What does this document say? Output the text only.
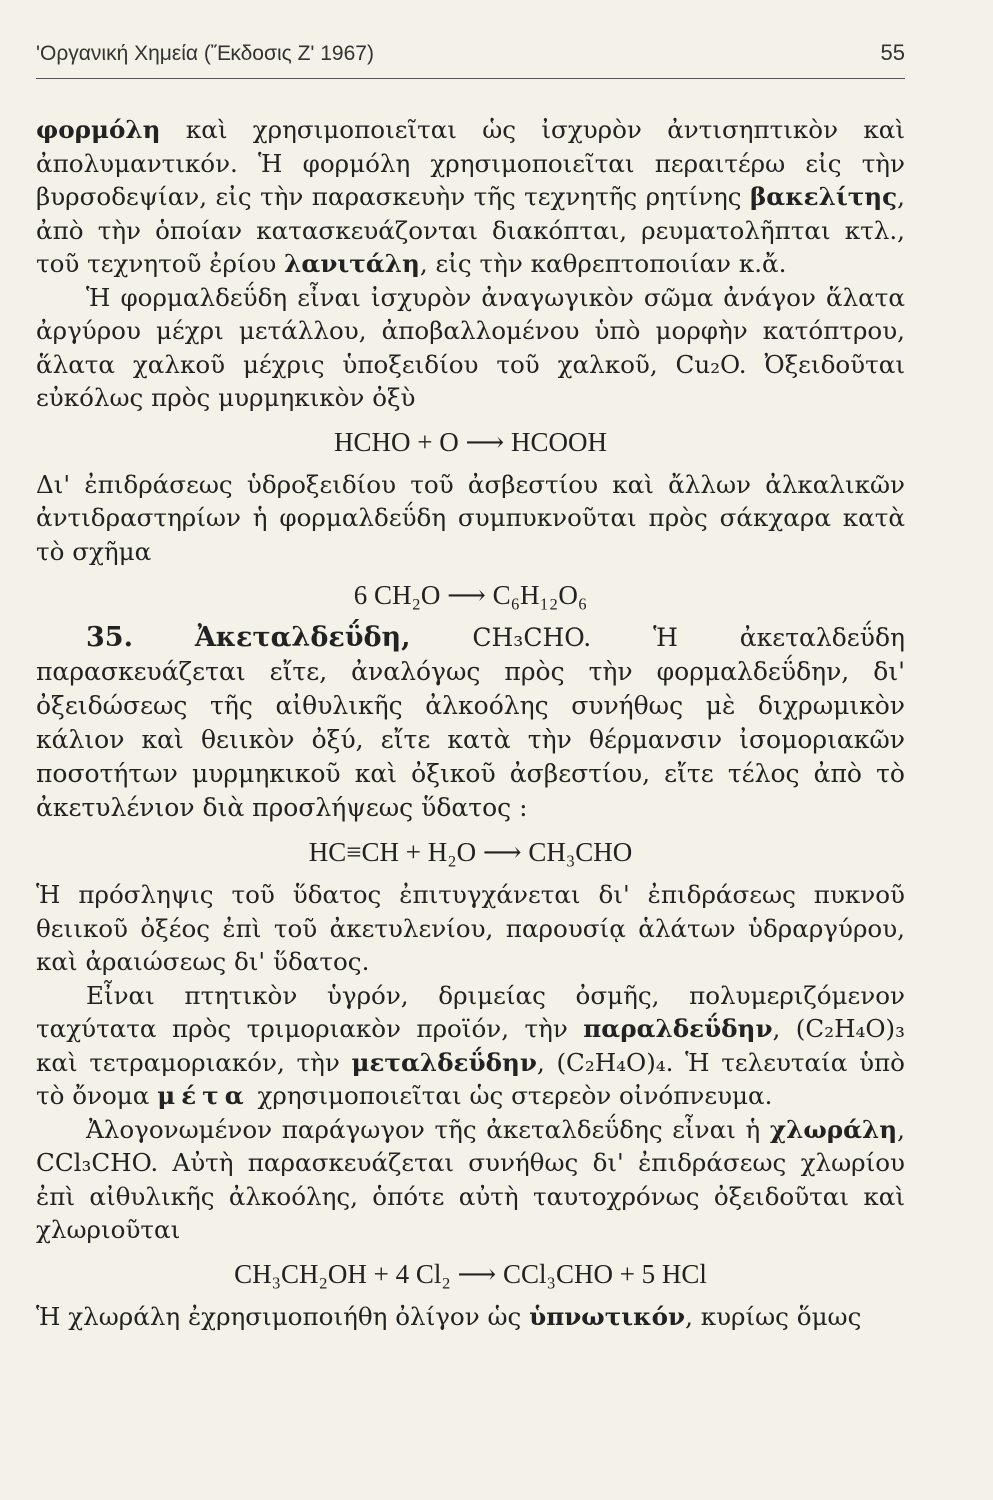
'Οργανική Χημεία (Ἔκδοσις Ζ' 1967)	55

φορμόλη καὶ χρησιμοποιεῖται ὡς ἰσχυρὸν ἀντισηπτικὸν καὶ ἀπολυμαντικόν. Ἡ φορμόλη χρησιμοποιεῖται περαιτέρω εἰς τὴν βυρσοδεψίαν, εἰς τὴν παρασκευὴν τῆς τεχνητῆς ρητίνης βακελίτης, ἀπὸ τὴν ὁποίαν κατασκευάζονται διακόπται, ρευματολῆπται κτλ., τοῦ τεχνητοῦ ἐρίου λανιτάλη, εἰς τὴν καθρεπτοποιίαν κ.ἄ.

Ἡ φορμαλδεΰδη εἶναι ἰσχυρὸν ἀναγωγικὸν σῶμα ἀνάγον ἅλατα ἀργύρου μέχρι μετάλλου, ἀποβαλλομένου ὑπὸ μορφὴν κατόπτρου, ἅλατα χαλκοῦ μέχρις ὑποξειδίου τοῦ χαλκοῦ, Cu₂O. Ὀξειδοῦται εὐκόλως πρὸς μυρμηκικὸν ὀξὺ

HCHO + O ⟶ HCOOH

Δι' ἐπιδράσεως ὑδροξειδίου τοῦ ἀσβεστίου καὶ ἄλλων ἀλκαλικῶν ἀντιδραστηρίων ἡ φορμαλδεΰδη συμπυκνοῦται πρὸς σάκχαρα κατὰ τὸ σχῆμα

6 CH₂O ⟶ C₆H₁₂O₆

35. Ἀκεταλδεΰδη, CH₃CHO. Ἡ ἀκεταλδεΰδη παρασκευάζεται εἴτε, ἀναλόγως πρὸς τὴν φορμαλδεΰδην, δι' ὀξειδώσεως τῆς αἰθυλικῆς ἀλκοόλης συνήθως μὲ διχρωμικὸν κάλιον καὶ θειικὸν ὀξύ, εἴτε κατὰ τὴν θέρμανσιν ἰσομοριακῶν ποσοτήτων μυρμηκικοῦ καὶ ὀξικοῦ ἀσβεστίου, εἴτε τέλος ἀπὸ τὸ ἀκετυλένιον διὰ προσλήψεως ὕδατος :

HC≡CH + H₂O ⟶ CH₃CHO

Ἡ πρόσληψις τοῦ ὕδατος ἐπιτυγχάνεται δι' ἐπιδράσεως πυκνοῦ θειικοῦ ὀξέος ἐπὶ τοῦ ἀκετυλενίου, παρουσίᾳ ἁλάτων ὑδραργύρου, καὶ ἀραιώσεως δι' ὕδατος.

Εἶναι πτητικὸν ὑγρόν, δριμείας ὀσμῆς, πολυμεριζόμενον ταχύτατα πρὸς τριμοριακὸν προϊόν, τὴν παραλδεΰδην, (C₂H₄O)₃ καὶ τετραμοριακόν, τὴν μεταλδεΰδην, (C₂H₄O)₄. Ἡ τελευταία ὑπὸ τὸ ὄνομα μέτα χρησιμοποιεῖται ὡς στερεὸν οἰνόπνευμα.

Ἀλογονωμένον παράγωγον τῆς ἀκεταλδεΰδης εἶναι ἡ χλωράλη, CCl₃CHO. Αὐτὴ παρασκευάζεται συνήθως δι' ἐπιδράσεως χλωρίου ἐπὶ αἰθυλικῆς ἀλκοόλης, ὁπότε αὐτὴ ταυτοχρόνως ὀξειδοῦται καὶ χλωριοῦται

CH₃CH₂OH + 4 Cl₂ ⟶ CCl₃CHO + 5 HCl

Ἡ χλωράλη ἐχρησιμοποιήθη ὀλίγον ὡς ὑπνωτικόν, κυρίως ὅμως
